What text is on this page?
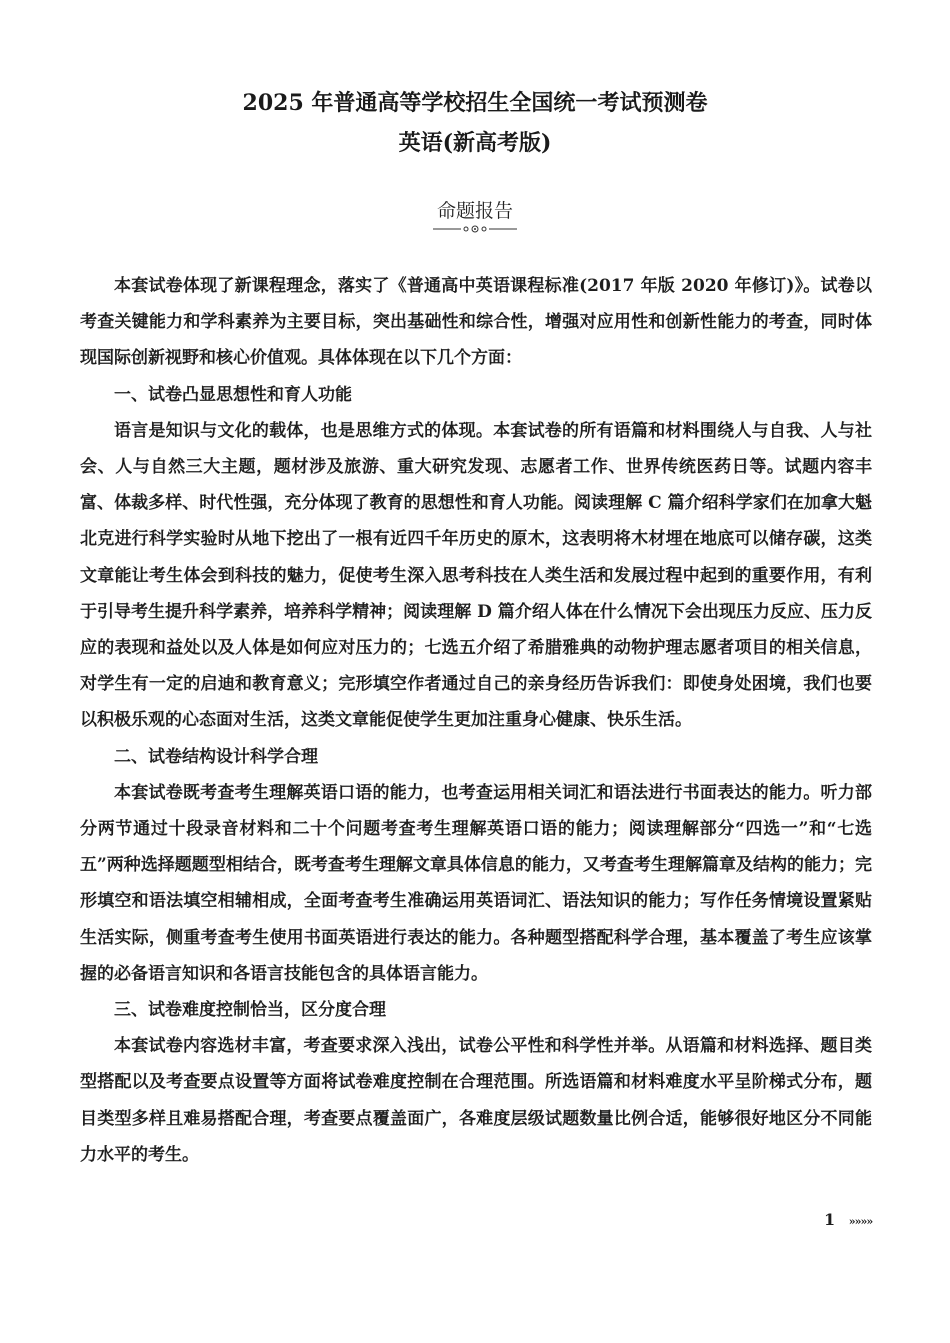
2025 年普通高等学校招生全国统一考试预测卷
英语(新高考版)
命题报告

本套试卷体现了新课程理念，落实了《普通高中英语课程标准(2017 年版 2020 年修订)》。试卷以考查关键能力和学科素养为主要目标，突出基础性和综合性，增强对应用性和创新性能力的考查，同时体现国际创新视野和核心价值观。具体体现在以下几个方面：

一、试卷凸显思想性和育人功能

语言是知识与文化的载体，也是思维方式的体现。本套试卷的所有语篇和材料围绕人与自我、人与社会、人与自然三大主题，题材涉及旅游、重大研究发现、志愿者工作、世界传统医药日等。试题内容丰富、体裁多样、时代性强，充分体现了教育的思想性和育人功能。阅读理解 C 篇介绍科学家们在加拿大魁北克进行科学实验时从地下挖出了一根有近四千年历史的原木，这表明将木材埋在地底可以储存碳，这类文章能让考生体会到科技的魅力，促使考生深入思考科技在人类生活和发展过程中起到的重要作用，有利于引导考生提升科学素养，培养科学精神；阅读理解 D 篇介绍人体在什么情况下会出现压力反应、压力反应的表现和益处以及人体是如何应对压力的；七选五介绍了希腊雅典的动物护理志愿者项目的相关信息，对学生有一定的启迪和教育意义；完形填空作者通过自己的亲身经历告诉我们：即使身处困境，我们也要以积极乐观的心态面对生活，这类文章能促使学生更加注重身心健康、快乐生活。

二、试卷结构设计科学合理

本套试卷既考查考生理解英语口语的能力，也考查运用相关词汇和语法进行书面表达的能力。听力部分两节通过十段录音材料和二十个问题考查考生理解英语口语的能力；阅读理解部分“四选一”和“七选五”两种选择题题型相结合，既考查考生理解文章具体信息的能力，又考查考生理解篇章及结构的能力；完形填空和语法填空相辅相成，全面考查考生准确运用英语词汇、语法知识的能力；写作任务情境设置紧贴生活实际，侧重考查考生使用书面英语进行表达的能力。各种题型搭配科学合理，基本覆盖了考生应该掌握的必备语言知识和各语言技能包含的具体语言能力。

三、试卷难度控制恰当，区分度合理

本套试卷内容选材丰富，考查要求深入浅出，试卷公平性和科学性并举。从语篇和材料选择、题目类型搭配以及考查要点设置等方面将试卷难度控制在合理范围。所选语篇和材料难度水平呈阶梯式分布，题目类型多样且难易搭配合理，考查要点覆盖面广，各难度层级试题数量比例合适，能够很好地区分不同能力水平的考生。

1 »»»»
